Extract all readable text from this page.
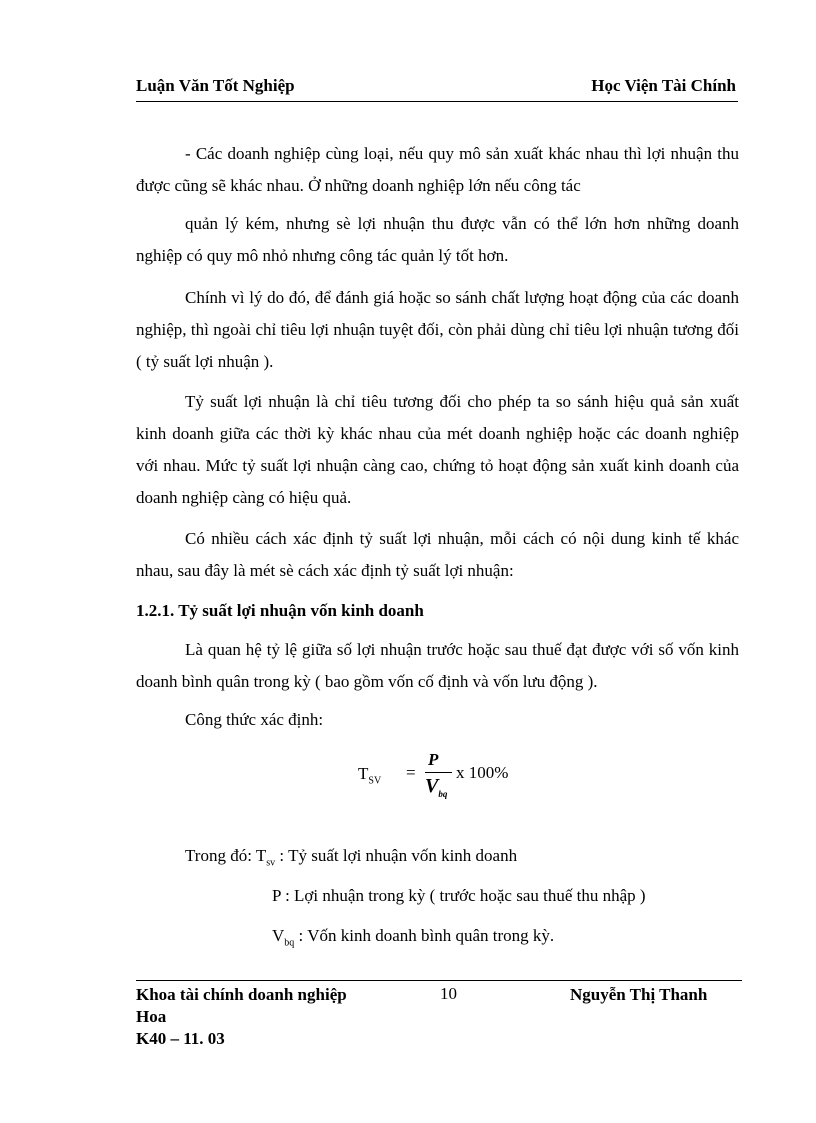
Luận Văn Tốt Nghiệp	Học Viện Tài Chính

- Các doanh nghiệp cùng loại, nếu quy mô sản xuất khác nhau thì lợi nhuận thu được cũng sẽ khác nhau. Ở những doanh nghiệp lớn nếu công tác

quản lý kém, nhưng sè lợi nhuận thu được vẫn có thể lớn hơn những doanh nghiệp có quy mô nhỏ nhưng công tác quản lý tốt hơn.

Chính vì lý do đó, để đánh giá hoặc so sánh chất lượng hoạt động của các doanh nghiệp, thì ngoài chỉ tiêu lợi nhuận tuyệt đối, còn phải dùng chỉ tiêu lợi nhuận tương đối ( tỷ suất lợi nhuận ).

Tỷ suất lợi nhuận là chỉ tiêu tương đối cho phép ta so sánh hiệu quả sản xuất kinh doanh giữa các thời kỳ khác nhau của mét doanh nghiệp hoặc các doanh nghiệp với nhau. Mức tỷ suất lợi nhuận càng cao, chứng tỏ hoạt động sản xuất kinh doanh của doanh nghiệp càng có hiệu quả.

Có nhiều cách xác định tỷ suất lợi nhuận, mỗi cách có nội dung kinh tế khác nhau, sau đây là mét sè cách xác định tỷ suất lợi nhuận:

1.2.1. Tỷ suất lợi nhuận vốn kinh doanh

Là quan hệ tỷ lệ giữa số lợi nhuận trước hoặc sau thuế đạt được với số vốn kinh doanh bình quân trong kỳ ( bao gồm vốn cố định và vốn lưu động ).

Công thức xác định:

$T_{SV}$ =
P
$V_{bq}$
x 100%
Trong đó: $T_{sv}$ : Tỷ suất lợi nhuận vốn kinh doanh
P : Lợi nhuận trong kỳ ( trước hoặc sau thuế thu nhập )
$V_{bq}$ : Vốn kinh doanh bình quân trong kỳ.
Khoa tài chính doanh nghiệp	10	Nguyễn Thị Thanh
Hoa
K40 – 11. 03
